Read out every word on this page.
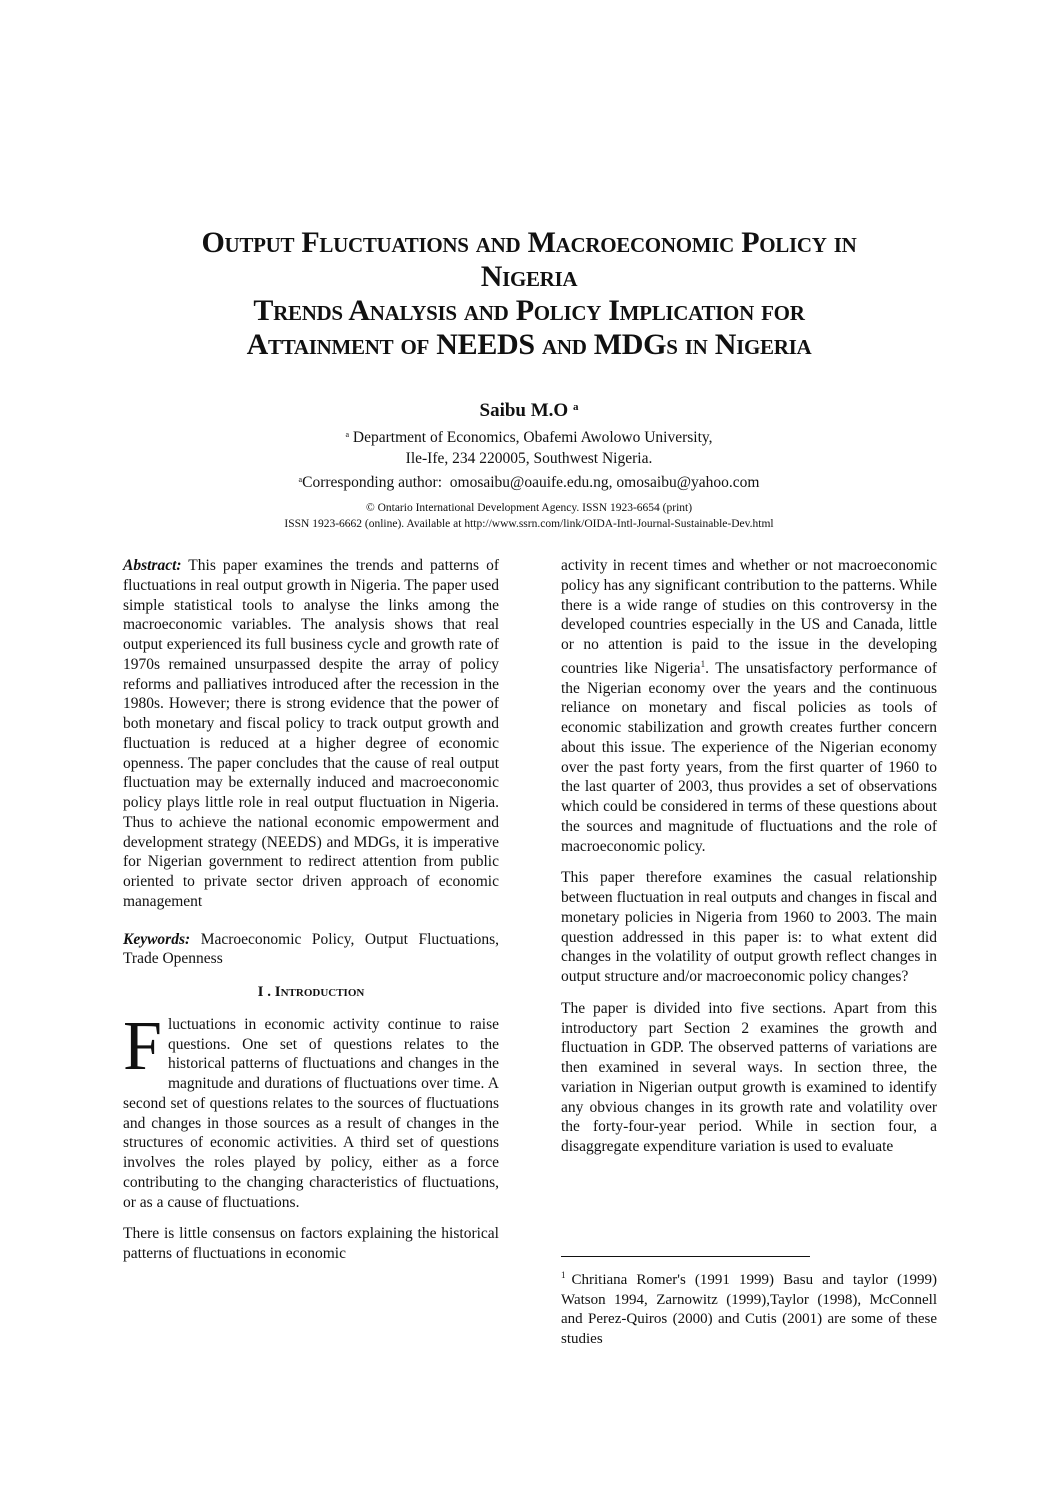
Output Fluctuations and Macroeconomic Policy in
Nigeria
Trends Analysis and Policy Implication for
Attainment of NEEDS and MDGs in Nigeria
Saibu M.O $^a$
$^a$ Department of Economics, Obafemi Awolowo University,
Ile-Ife, 234 220005, Southwest Nigeria.
$^a$Corresponding author: omosaibu@oauife.edu.ng, omosaibu@yahoo.com
© Ontario International Development Agency. ISSN 1923-6654 (print)
ISSN 1923-6662 (online). Available at http://www.ssrn.com/link/OIDA-Intl-Journal-Sustainable-Dev.html

Abstract: This paper examines the trends and patterns of fluctuations in real output growth in Nigeria. The paper used simple statistical tools to analyse the links among the macroeconomic variables. The analysis shows that real output experienced its full business cycle and growth rate of 1970s remained unsurpassed despite the array of policy reforms and palliatives introduced after the recession in the 1980s. However; there is strong evidence that the power of both monetary and fiscal policy to track output growth and fluctuation is reduced at a higher degree of economic openness. The paper concludes that the cause of real output fluctuation may be externally induced and macroeconomic policy plays little role in real output fluctuation in Nigeria. Thus to achieve the national economic empowerment and development strategy (NEEDS) and MDGs, it is imperative for Nigerian government to redirect attention from public oriented to private sector driven approach of economic management

Keywords: Macroeconomic Policy, Output Fluctuations, Trade Openness

I . Introduction

Fluctuations in economic activity continue to raise questions. One set of questions relates to the historical patterns of fluctuations and changes in the magnitude and durations of fluctuations over time. A second set of questions relates to the sources of fluctuations and changes in those sources as a result of changes in the structures of economic activities. A third set of questions involves the roles played by policy, either as a force contributing to the changing characteristics of fluctuations, or as a cause of fluctuations.

There is little consensus on factors explaining the historical patterns of fluctuations in economic

activity in recent times and whether or not macroeconomic policy has any significant contribution to the patterns. While there is a wide range of studies on this controversy in the developed countries especially in the US and Canada, little or no attention is paid to the issue in the developing countries like Nigeria$^1$. The unsatisfactory performance of the Nigerian economy over the years and the continuous reliance on monetary and fiscal policies as tools of economic stabilization and growth creates further concern about this issue. The experience of the Nigerian economy over the past forty years, from the first quarter of 1960 to the last quarter of 2003, thus provides a set of observations which could be considered in terms of these questions about the sources and magnitude of fluctuations and the role of macroeconomic policy.

This paper therefore examines the casual relationship between fluctuation in real outputs and changes in fiscal and monetary policies in Nigeria from 1960 to 2003. The main question addressed in this paper is: to what extent did changes in the volatility of output growth reflect changes in output structure and/or macroeconomic policy changes?

The paper is divided into five sections. Apart from this introductory part Section 2 examines the growth and fluctuation in GDP. The observed patterns of variations are then examined in several ways. In section three, the variation in Nigerian output growth is examined to identify any obvious changes in its growth rate and volatility over the forty-four-year period. While in section four, a disaggregate expenditure variation is used to evaluate

$^1$ Chritiana Romer's (1991 1999) Basu and taylor (1999) Watson 1994, Zarnowitz (1999),Taylor (1998), McConnell and Perez-Quiros (2000) and Cutis (2001) are some of these studies
